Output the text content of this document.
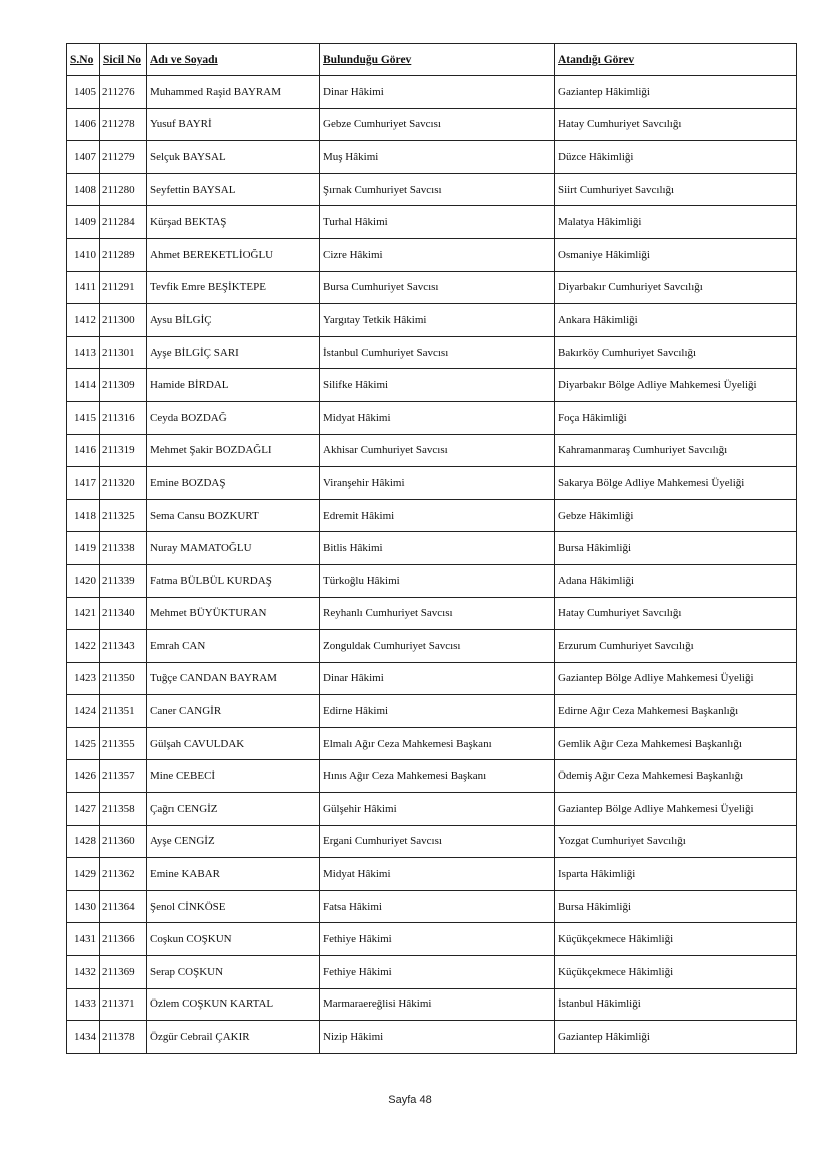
S.No	Sicil No	Adı ve Soyadı	Bulunduğu Görev	Atandığı Görev
1405	211276	Muhammed Raşid BAYRAM	Dinar Hâkimi	Gaziantep Hâkimliği
1406	211278	Yusuf BAYRİ	Gebze Cumhuriyet Savcısı	Hatay Cumhuriyet Savcılığı
1407	211279	Selçuk BAYSAL	Muş Hâkimi	Düzce Hâkimliği
1408	211280	Seyfettin BAYSAL	Şırnak Cumhuriyet Savcısı	Siirt Cumhuriyet Savcılığı
1409	211284	Kürşad BEKTAŞ	Turhal Hâkimi	Malatya Hâkimliği
1410	211289	Ahmet BEREKETLİOĞLU	Cizre Hâkimi	Osmaniye Hâkimliği
1411	211291	Tevfik Emre BEŞİKTEPE	Bursa Cumhuriyet Savcısı	Diyarbakır Cumhuriyet Savcılığı
1412	211300	Aysu BİLGİÇ	Yargıtay Tetkik Hâkimi	Ankara Hâkimliği
1413	211301	Ayşe BİLGİÇ SARI	İstanbul Cumhuriyet Savcısı	Bakırköy Cumhuriyet Savcılığı
1414	211309	Hamide BİRDAL	Silifke Hâkimi	Diyarbakır Bölge Adliye Mahkemesi Üyeliği
1415	211316	Ceyda BOZDAĞ	Midyat Hâkimi	Foça Hâkimliği
1416	211319	Mehmet Şakir BOZDAĞLI	Akhisar Cumhuriyet Savcısı	Kahramanmaraş Cumhuriyet Savcılığı
1417	211320	Emine BOZDAŞ	Viranşehir Hâkimi	Sakarya Bölge Adliye Mahkemesi Üyeliği
1418	211325	Sema Cansu BOZKURT	Edremit Hâkimi	Gebze Hâkimliği
1419	211338	Nuray MAMATOĞLU	Bitlis Hâkimi	Bursa Hâkimliği
1420	211339	Fatma BÜLBÜL KURDAŞ	Türkoğlu Hâkimi	Adana Hâkimliği
1421	211340	Mehmet BÜYÜKTURAN	Reyhanlı Cumhuriyet Savcısı	Hatay Cumhuriyet Savcılığı
1422	211343	Emrah CAN	Zonguldak Cumhuriyet Savcısı	Erzurum Cumhuriyet Savcılığı
1423	211350	Tuğçe CANDAN BAYRAM	Dinar Hâkimi	Gaziantep Bölge Adliye Mahkemesi Üyeliği
1424	211351	Caner CANGİR	Edirne Hâkimi	Edirne Ağır Ceza Mahkemesi Başkanlığı
1425	211355	Gülşah CAVULDAK	Elmalı Ağır Ceza Mahkemesi Başkanı	Gemlik Ağır Ceza Mahkemesi Başkanlığı
1426	211357	Mine CEBECİ	Hınıs Ağır Ceza Mahkemesi Başkanı	Ödemiş Ağır Ceza Mahkemesi Başkanlığı
1427	211358	Çağrı CENGİZ	Gülşehir Hâkimi	Gaziantep Bölge Adliye Mahkemesi Üyeliği
1428	211360	Ayşe CENGİZ	Ergani Cumhuriyet Savcısı	Yozgat Cumhuriyet Savcılığı
1429	211362	Emine KABAR	Midyat Hâkimi	Isparta Hâkimliği
1430	211364	Şenol CİNKÖSE	Fatsa Hâkimi	Bursa Hâkimliği
1431	211366	Coşkun COŞKUN	Fethiye Hâkimi	Küçükçekmece Hâkimliği
1432	211369	Serap COŞKUN	Fethiye Hâkimi	Küçükçekmece Hâkimliği
1433	211371	Özlem COŞKUN KARTAL	Marmaraereğlisi Hâkimi	İstanbul Hâkimliği
1434	211378	Özgür Cebrail ÇAKIR	Nizip Hâkimi	Gaziantep Hâkimliği
Sayfa 48
